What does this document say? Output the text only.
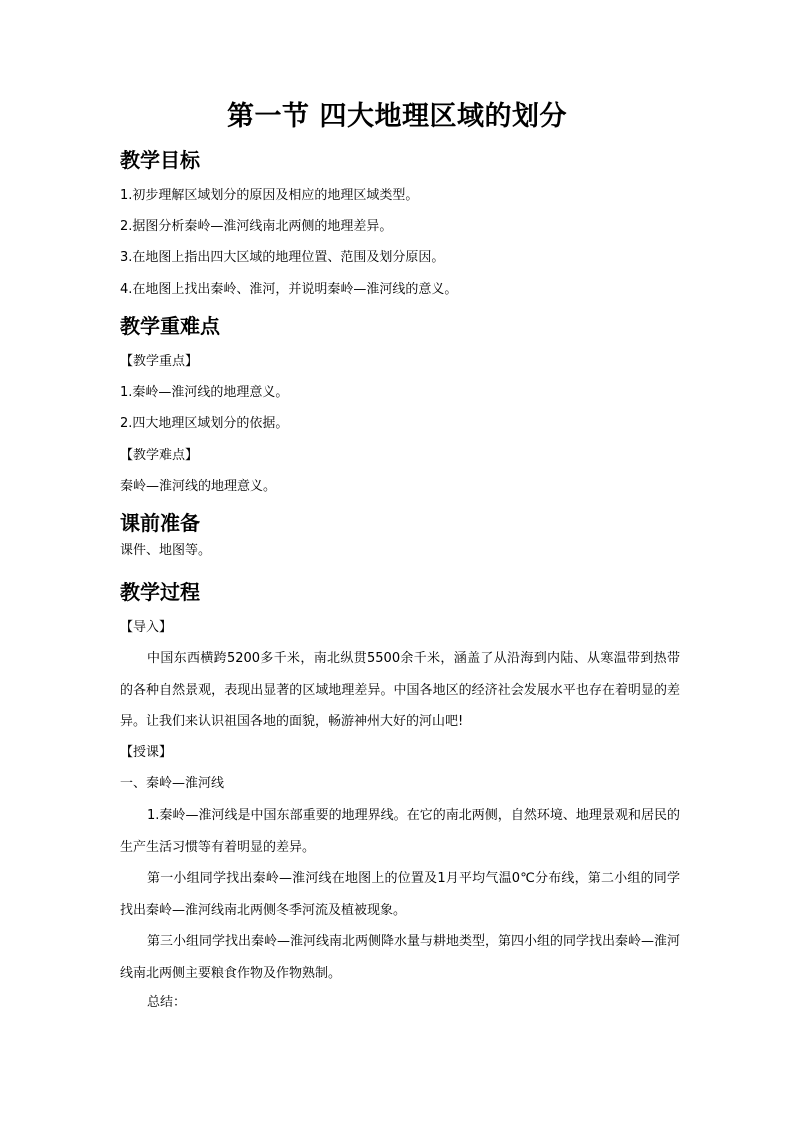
第一节 四大地理区域的划分
教学目标
1.初步理解区域划分的原因及相应的地理区域类型。
2.据图分析秦岭—淮河线南北两侧的地理差异。
3.在地图上指出四大区域的地理位置、范围及划分原因。
4.在地图上找出秦岭、淮河，并说明秦岭—淮河线的意义。
教学重难点
【教学重点】
1.秦岭—淮河线的地理意义。
2.四大地理区域划分的依据。
【教学难点】
秦岭—淮河线的地理意义。
课前准备
课件、地图等。
教学过程
【导入】
中国东西横跨5200多千米，南北纵贯5500余千米，涵盖了从沿海到内陆、从寒温带到热带的各种自然景观，表现出显著的区域地理差异。中国各地区的经济社会发展水平也存在着明显的差异。让我们来认识祖国各地的面貌，畅游神州大好的河山吧!
【授课】
一、秦岭—淮河线
1.秦岭—淮河线是中国东部重要的地理界线。在它的南北两侧，自然环境、地理景观和居民的生产生活习惯等有着明显的差异。
第一小组同学找出秦岭—淮河线在地图上的位置及1月平均气温0℃分布线，第二小组的同学找出秦岭—淮河线南北两侧冬季河流及植被现象。
第三小组同学找出秦岭—淮河线南北两侧降水量与耕地类型，第四小组的同学找出秦岭—淮河线南北两侧主要粮食作物及作物熟制。
总结：
